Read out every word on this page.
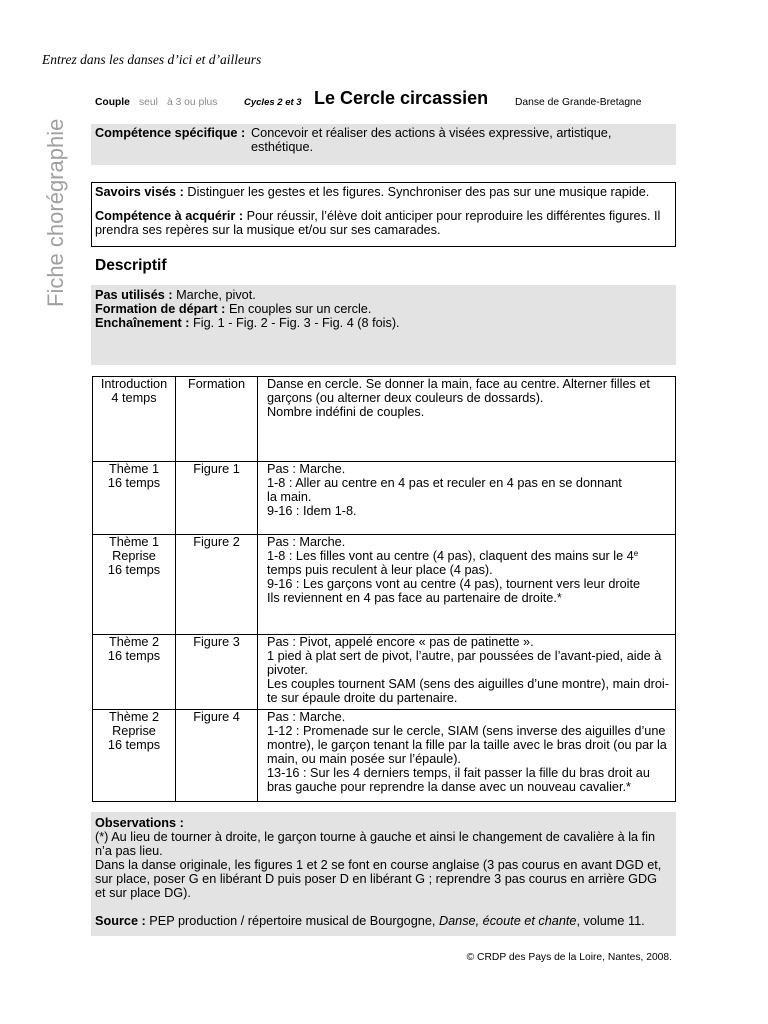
Entrez dans les danses d’ici et d’ailleurs
Fiche chorégraphie
Couple seul à 3 ou plus	Cycles 2 et 3 Le Cercle circassien	Danse de Grande-Bretagne
Compétence spécifique : Concevoir et réaliser des actions à visées expressive, artistique,
esthétique.
Savoirs visés : Distinguer les gestes et les figures. Synchroniser des pas sur une musique rapide.
Compétence à acquérir : Pour réussir, l’élève doit anticiper pour reproduire les différentes figures. Il
prendra ses repères sur la musique et/ou sur ses camarades.
Descriptif
Pas utilisés : Marche, pivot.
Formation de départ : En couples sur un cercle.
Enchaînement : Fig. 1 - Fig. 2 - Fig. 3 - Fig. 4 (8 fois).
Introduction
4 temps
Formation	Danse en cercle. Se donner la main, face au centre. Alterner filles et
garçons (ou alterner deux couleurs de dossards).
Nombre indéfini de couples.
Thème 1
16 temps
Figure 1	Pas : Marche.
1-8 : Aller au centre en 4 pas et reculer en 4 pas en se donnant
la main.
9-16 : Idem 1-8.
Thème 1
Reprise
16 temps
Figure 2	Pas : Marche.
1-8 : Les filles vont au centre (4 pas), claquent des mains sur le 4e
temps puis reculent à leur place (4 pas).
9-16 : Les garçons vont au centre (4 pas), tournent vers leur droite
Ils reviennent en 4 pas face au partenaire de droite.*
Thème 2
16 temps
Figure 3	Pas : Pivot, appelé encore « pas de patinette ».
1 pied à plat sert de pivot, l’autre, par poussées de l’avant-pied, aide à
pivoter.
Les couples tournent SAM (sens des aiguilles d’une montre), main droi-
te sur épaule droite du partenaire.
Thème 2
Reprise
16 temps
Figure 4	Pas : Marche.
1-12 : Promenade sur le cercle, SIAM (sens inverse des aiguilles d’une
montre), le garçon tenant la fille par la taille avec le bras droit (ou par la
main, ou main posée sur l’épaule).
13-16 : Sur les 4 derniers temps, il fait passer la fille du bras droit au
bras gauche pour reprendre la danse avec un nouveau cavalier.*
Observations :
(*) Au lieu de tourner à droite, le garçon tourne à gauche et ainsi le changement de cavalière à la fin
n’a pas lieu.
Dans la danse originale, les figures 1 et 2 se font en course anglaise (3 pas courus en avant DGD et,
sur place, poser G en libérant D puis poser D en libérant G ; reprendre 3 pas courus en arrière GDG
et sur place DG).
Source : PEP production / répertoire musical de Bourgogne, Danse, écoute et chante, volume 11.
© CRDP des Pays de la Loire, Nantes, 2008.
